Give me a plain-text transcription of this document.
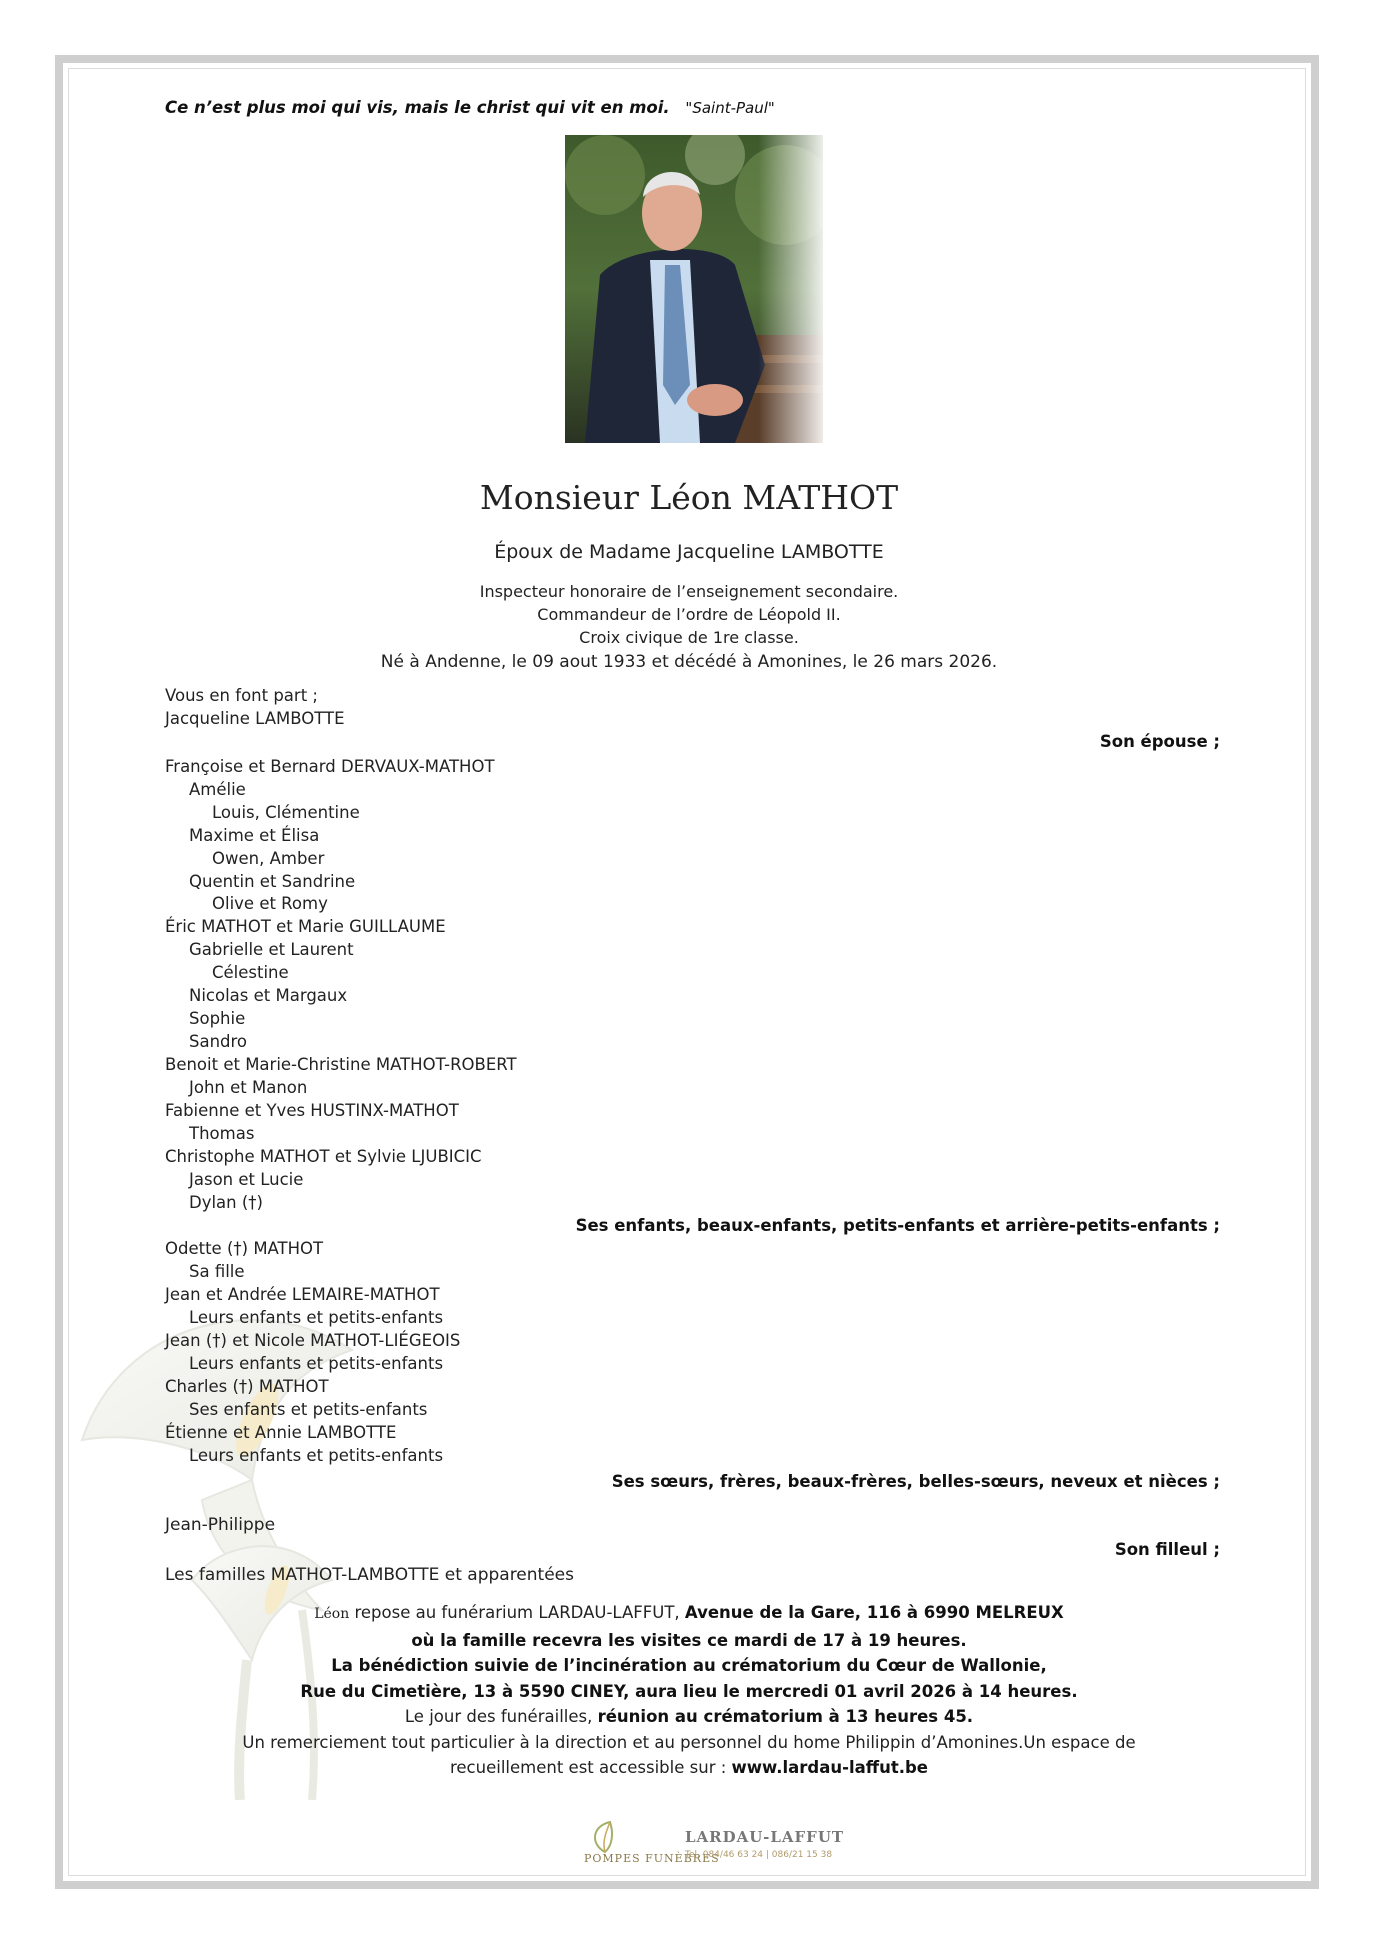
Ce n’est plus moi qui vis, mais le christ qui vit en moi. "Saint-Paul"
Monsieur Léon MATHOT
Époux de Madame Jacqueline LAMBOTTE
Inspecteur honoraire de l’enseignement secondaire.
Commandeur de l’ordre de Léopold II.
Croix civique de 1re classe.
Né à Andenne, le 09 aout 1933 et décédé à Amonines, le 26 mars 2026.
Vous en font part ;
Jacqueline LAMBOTTE
Son épouse ;
Françoise et Bernard DERVAUX-MATHOT
Amélie
Louis, Clémentine
Maxime et Élisa
Owen, Amber
Quentin et Sandrine
Olive et Romy
Éric MATHOT et Marie GUILLAUME
Gabrielle et Laurent
Célestine
Nicolas et Margaux
Sophie
Sandro
Benoit et Marie-Christine MATHOT-ROBERT
John et Manon
Fabienne et Yves HUSTINX-MATHOT
Thomas
Christophe MATHOT et Sylvie LJUBICIC
Jason et Lucie
Dylan (†)
Ses enfants, beaux-enfants, petits-enfants et arrière-petits-enfants ;
Odette (†) MATHOT
Sa fille
Jean et Andrée LEMAIRE-MATHOT
Leurs enfants et petits-enfants
Jean (†) et Nicole MATHOT-LIÉGEOIS
Leurs enfants et petits-enfants
Charles (†) MATHOT
Ses enfants et petits-enfants
Étienne et Annie LAMBOTTE
Leurs enfants et petits-enfants
Ses sœurs, frères, beaux-frères, belles-sœurs, neveux et nièces ;
Jean-Philippe
Son filleul ;
Les familles MATHOT-LAMBOTTE et apparentées
Léon repose au funérarium LARDAU-LAFFUT, Avenue de la Gare, 116 à 6990 MELREUX
où la famille recevra les visites ce mardi de 17 à 19 heures.
La bénédiction suivie de l’incinération au crématorium du Cœur de Wallonie,
Rue du Cimetière, 13 à 5590 CINEY, aura lieu le mercredi 01 avril 2026 à 14 heures.
Le jour des funérailles, réunion au crématorium à 13 heures 45.
Un remerciement tout particulier à la direction et au personnel du home Philippin d’Amonines.Un espace de
recueillement est accessible sur : www.lardau-laffut.be
POMPES FUNÈBRES
LARDAU-LAFFUT
Tel. 084/46 63 24 | 086/21 15 38
